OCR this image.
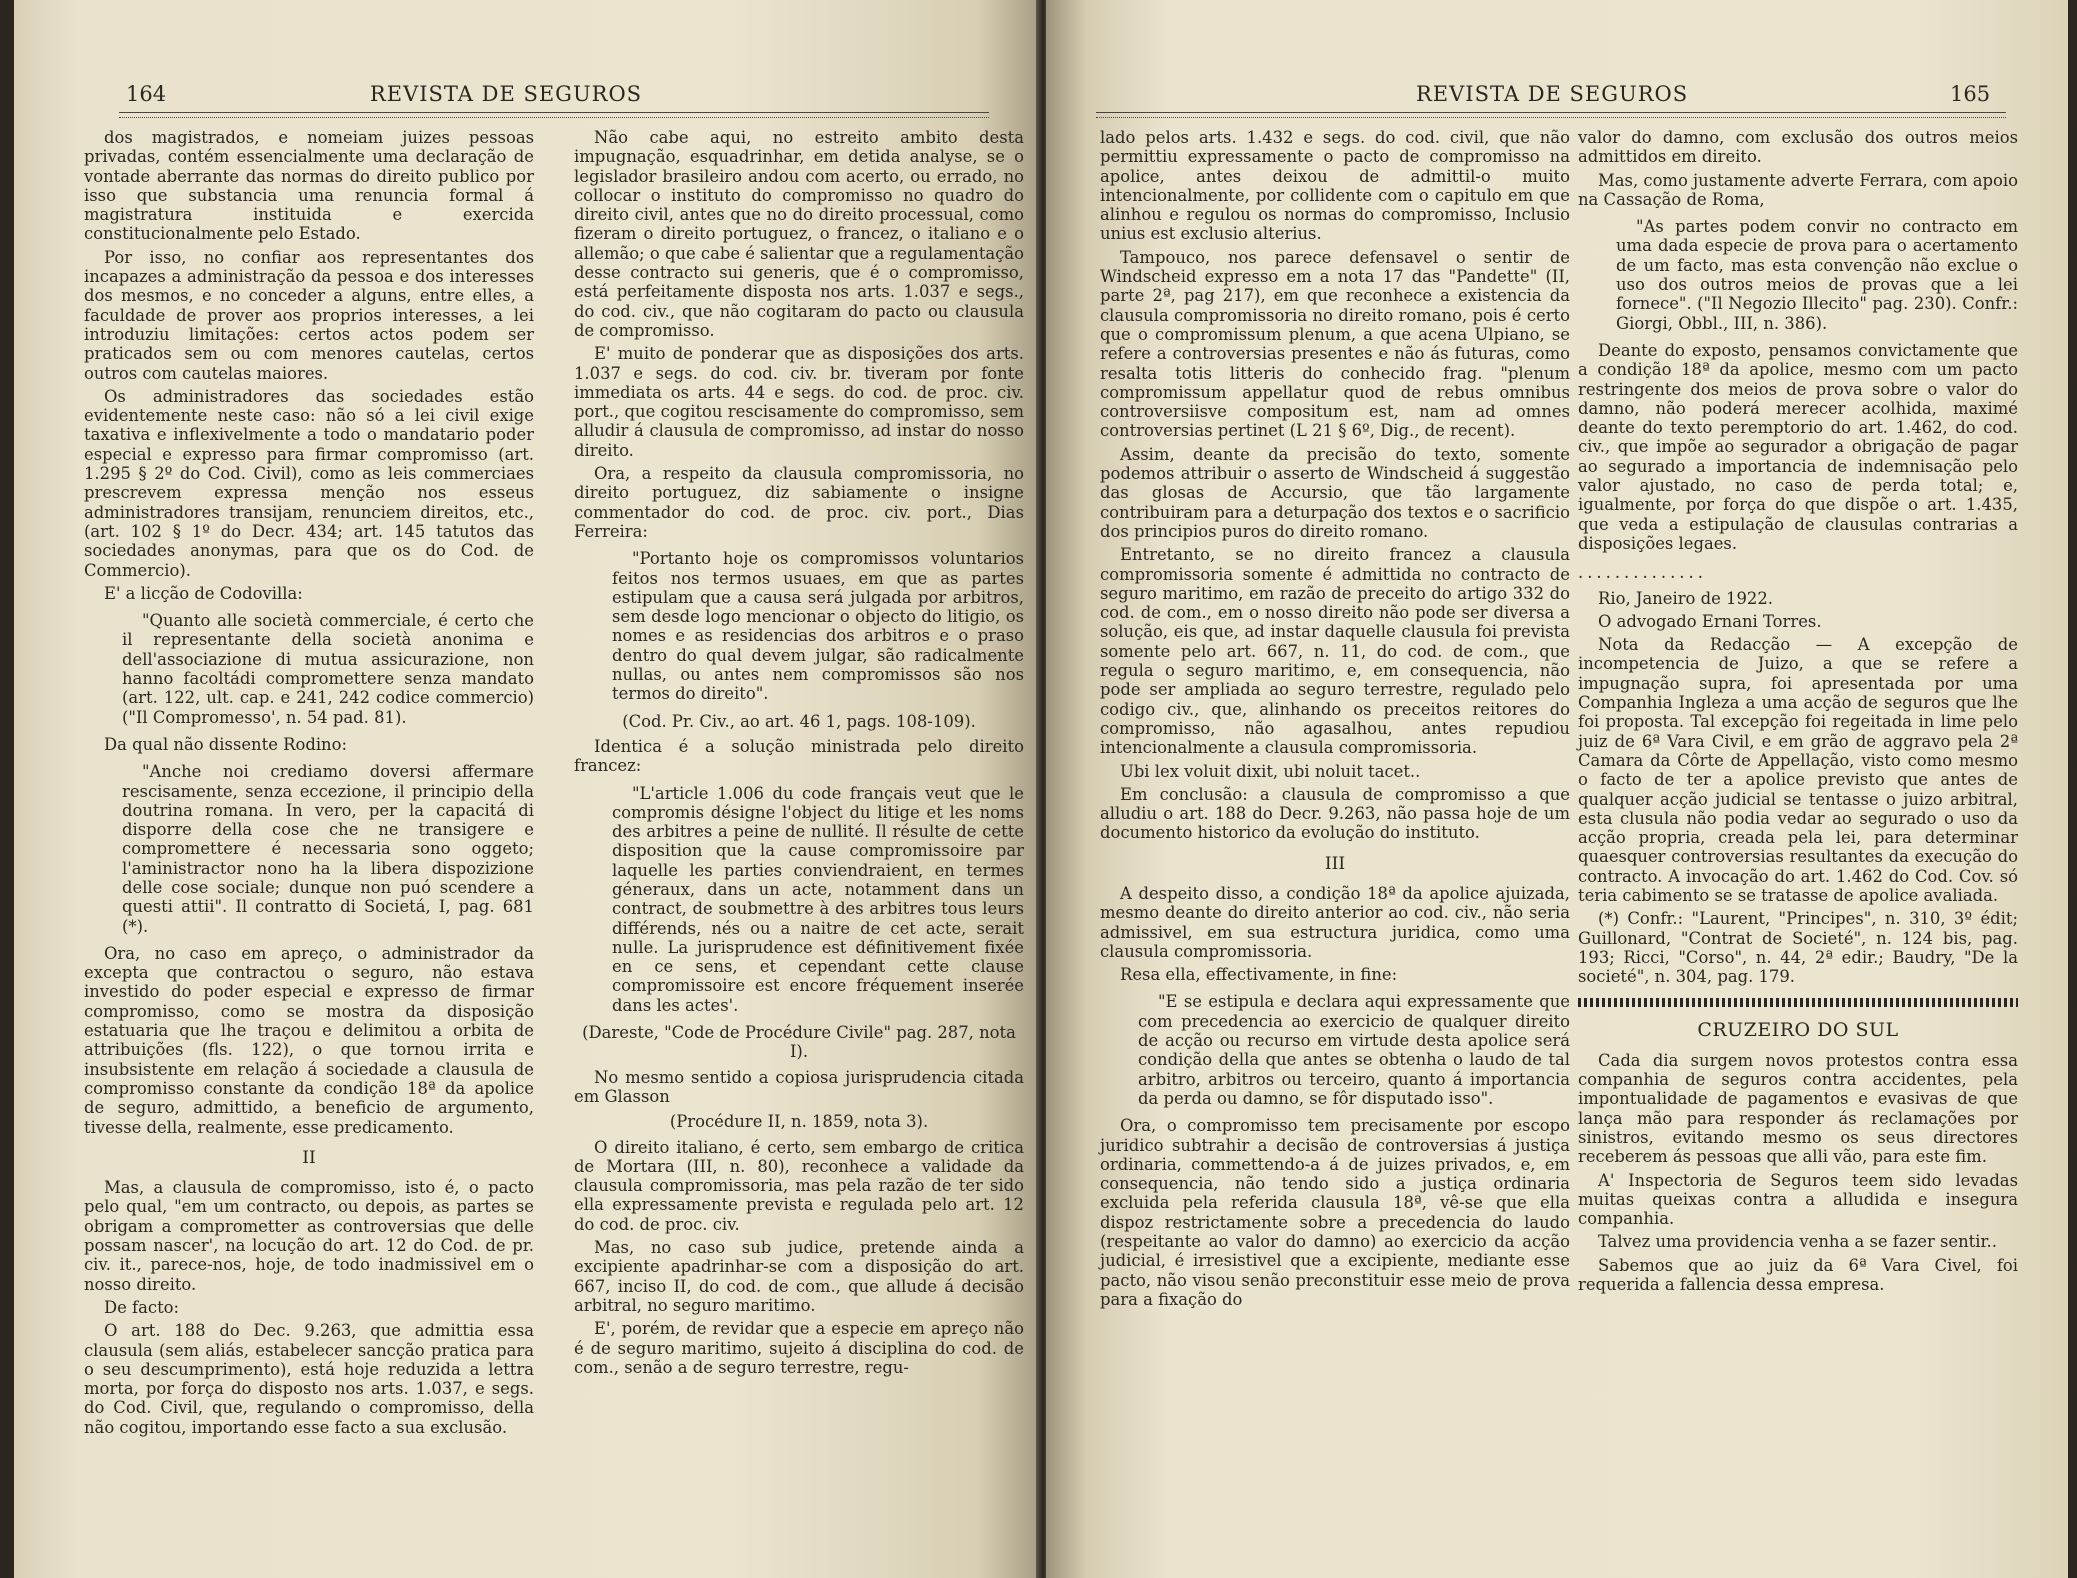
164	REVISTA DE SEGUROS

dos magistrados, e nomeiam juizes pessoas privadas, contém essencialmente uma declaração de vontade aberrante das normas do direito publico por isso que substancia uma renuncia formal á magistratura instituida e exercida constitucionalmente pelo Estado.

Por isso, no confiar aos representantes dos incapazes a administração da pessoa e dos interesses dos mesmos, e no conceder a alguns, entre elles, a faculdade de prover aos proprios interesses, a lei introduziu limitações: certos actos podem ser praticados sem ou com menores cautelas, certos outros com cautelas maiores.

Os administradores das sociedades estão evidentemente neste caso: não só a lei civil exige taxativa e inflexivelmente a todo o mandatario poder especial e expresso para firmar compromisso (art. 1.295 § 2º do Cod. Civil), como as leis commerciaes prescrevem expressa menção nos esseus administradores transijam, renunciem direitos, etc., (art. 102 § 1º do Decr. 434; art. 145 tatutos das sociedades anonymas, para que os do Cod. de Commercio).

E' a licção de Codovilla:

"Quanto alle società commerciale, é certo che il representante della società anonima e dell'associazione di mutua assicurazione, non hanno facoltádi compromettere senza mandato (art. 122, ult. cap. e 241, 242 codice commercio) ("Il Compromesso', n. 54 pad. 81).

Da qual não dissente Rodino:

"Anche noi crediamo doversi affermare rescisamente, senza eccezione, il principio della doutrina romana. In vero, per la capacitá di disporre della cose che ne transigere e compromettere é necessaria sono oggeto; l'aministractor nono ha la libera dispozizione delle cose sociale; dunque non puó scendere a questi attii". Il contratto di Societá, I, pag. 681 (*).

Ora, no caso em apreço, o administrador da excepta que contractou o seguro, não estava investido do poder especial e expresso de firmar compromisso, como se mostra da disposição estatuaria que lhe traçou e delimitou a orbita de attribuições (fls. 122), o que tornou irrita e insubsistente em relação á sociedade a clausula de compromisso constante da condição 18ª da apolice de seguro, admittido, a beneficio de argumento, tivesse della, realmente, esse predicamento.

II

Mas, a clausula de compromisso, isto é, o pacto pelo qual, "em um contracto, ou depois, as partes se obrigam a comprometter as controversias que delle possam nascer', na locução do art. 12 do Cod. de pr. civ. it., parece-nos, hoje, de todo inadmissivel em o nosso direito.

De facto:

O art. 188 do Dec. 9.263, que admittia essa clausula (sem aliás, estabelecer sancção pratica para o seu descumprimento), está hoje reduzida a lettra morta, por força do disposto nos arts. 1.037, e segs. do Cod. Civil, que, regulando o compromisso, della não cogitou, importando esse facto a sua exclusão.

Não cabe aqui, no estreito ambito desta impugnação, esquadrinhar, em detida analyse, se o legislador brasileiro andou com acerto, ou errado, no collocar o instituto do compromisso no quadro do direito civil, antes que no do direito processual, como fizeram o direito portuguez, o francez, o italiano e o allemão; o que cabe é salientar que a regulamentação desse contracto sui generis, que é o compromisso, está perfeitamente disposta nos arts. 1.037 e segs., do cod. civ., que não cogitaram do pacto ou clausula de compromisso.

E' muito de ponderar que as disposições dos arts. 1.037 e segs. do cod. civ. br. tiveram por fonte immediata os arts. 44 e segs. do cod. de proc. civ. port., que cogitou rescisamente do compromisso, sem alludir á clausula de compromisso, ad instar do nosso direito.

Ora, a respeito da clausula compromissoria, no direito portuguez, diz sabiamente o insigne commentador do cod. de proc. civ. port., Dias Ferreira:

"Portanto hoje os compromissos voluntarios feitos nos termos usuaes, em que as partes estipulam que a causa será julgada por arbitros, sem desde logo mencionar o objecto do litigio, os nomes e as residencias dos arbitros e o praso dentro do qual devem julgar, são radicalmente nullas, ou antes nem compromissos são nos termos do direito".

(Cod. Pr. Civ., ao art. 46 1, pags. 108-109).

Identica é a solução ministrada pelo direito francez:

"L'article 1.006 du code français veut que le compromis désigne l'object du litige et les noms des arbitres a peine de nullité. Il résulte de cette disposition que la cause compromissoire par laquelle les parties conviendraient, en termes géneraux, dans un acte, notamment dans un contract, de soubmettre à des arbitres tous leurs différends, nés ou a naitre de cet acte, serait nulle. La jurisprudence est définitivement fixée en ce sens, et cependant cette clause compromissoire est encore fréquement inserée dans les actes'.

(Dareste, "Code de Procédure Civile" pag. 287, nota I).

No mesmo sentido a copiosa jurisprudencia citada em Glasson

(Procédure II, n. 1859, nota 3).

O direito italiano, é certo, sem embargo de critica de Mortara (III, n. 80), reconhece a validade da clausula compromissoria, mas pela razão de ter sido ella expressamente prevista e regulada pelo art. 12 do cod. de proc. civ.

Mas, no caso sub judice, pretende ainda a excipiente apadrinhar-se com a disposição do art. 667, inciso II, do cod. de com., que allude á decisão arbitral, no seguro maritimo.

E', porém, de revidar que a especie em apreço não é de seguro maritimo, sujeito á disciplina do cod. de com., senão a de seguro terrestre, regu-

165
REVISTA DE SEGUROS

lado pelos arts. 1.432 e segs. do cod. civil, que não permittiu expressamente o pacto de compromisso na apolice, antes deixou de admittil-o muito intencionalmente, por collidente com o capitulo em que alinhou e regulou os normas do compromisso, Inclusio unius est exclusio alterius.

Tampouco, nos parece defensavel o sentir de Windscheid expresso em a nota 17 das "Pandette" (II, parte 2ª, pag 217), em que reconhece a existencia da clausula compromissoria no direito romano, pois é certo que o compromissum plenum, a que acena Ulpiano, se refere a controversias presentes e não ás futuras, como resalta totis litteris do conhecido frag. "plenum compromissum appellatur quod de rebus omnibus controversiisve compositum est, nam ad omnes controversias pertinet (L 21 § 6º, Dig., de recent).

Assim, deante da precisão do texto, somente podemos attribuir o asserto de Windscheid á suggestão das glosas de Accursio, que tão largamente contribuiram para a deturpação dos textos e o sacrificio dos principios puros do direito romano.

Entretanto, se no direito francez a clausula compromissoria somente é admittida no contracto de seguro maritimo, em razão de preceito do artigo 332 do cod. de com., em o nosso direito não pode ser diversa a solução, eis que, ad instar daquelle clausula foi prevista somente pelo art. 667, n. 11, do cod. de com., que regula o seguro maritimo, e, em consequencia, não pode ser ampliada ao seguro terrestre, regulado pelo codigo civ., que, alinhando os preceitos reitores do compromisso, não agasalhou, antes repudiou intencionalmente a clausula compromissoria.

Ubi lex voluit dixit, ubi noluit tacet..

Em conclusão: a clausula de compromisso a que alludiu o art. 188 do Decr. 9.263, não passa hoje de um documento historico da evolução do instituto.

III

A despeito disso, a condição 18ª da apolice ajuizada, mesmo deante do direito anterior ao cod. civ., não seria admissivel, em sua estructura juridica, como uma clausula compromissoria.

Resa ella, effectivamente, in fine:

"E se estipula e declara aqui expressamente que com precedencia ao exercicio de qualquer direito de acção ou recurso em virtude desta apolice será condição della que antes se obtenha o laudo de tal arbitro, arbitros ou terceiro, quanto á importancia da perda ou damno, se fôr disputado isso".

Ora, o compromisso tem precisamente por escopo juridico subtrahir a decisão de controversias á justiça ordinaria, commettendo-a á de juizes privados, e, em consequencia, não tendo sido a justiça ordinaria excluida pela referida clausula 18ª, vê-se que ella dispoz restrictamente sobre a precedencia do laudo (respeitante ao valor do damno) ao exercicio da acção judicial, é irresistivel que a excipiente, mediante esse pacto, não visou senão preconstituir esse meio de prova para a fixação do

valor do damno, com exclusão dos outros meios admittidos em direito.

Mas, como justamente adverte Ferrara, com apoio na Cassação de Roma,

"As partes podem convir no contracto em uma dada especie de prova para o acertamento de um facto, mas esta convenção não exclue o uso dos outros meios de provas que a lei fornece". ("Il Negozio Illecito" pag. 230). Confr.: Giorgi, Obbl., III, n. 386).

Deante do exposto, pensamos convictamente que a condição 18ª da apolice, mesmo com um pacto restringente dos meios de prova sobre o valor do damno, não poderá merecer acolhida, maximé deante do texto peremptorio do art. 1.462, do cod. civ., que impõe ao segurador a obrigação de pagar ao segurado a importancia de indemnisação pelo valor ajustado, no caso de perda total; e, igualmente, por força do que dispõe o art. 1.435, que veda a estipulação de clausulas contrarias a disposições legaes.

..............

Rio, Janeiro de 1922.

O advogado Ernani Torres.

Nota da Redacção — A excepção de incompetencia de Juizo, a que se refere a impugnação supra, foi apresentada por uma Companhia Ingleza a uma acção de seguros que lhe foi proposta. Tal excepção foi regeitada in lime pelo juiz de 6ª Vara Civil, e em grão de aggravo pela 2ª Camara da Côrte de Appellação, visto como mesmo o facto de ter a apolice previsto que antes de qualquer acção judicial se tentasse o juizo arbitral, esta clusula não podia vedar ao segurado o uso da acção propria, creada pela lei, para determinar quaesquer controversias resultantes da execução do contracto. A invocação do art. 1.462 do Cod. Cov. só teria cabimento se se tratasse de apolice avaliada.

(*) Confr.: "Laurent, "Principes", n. 310, 3º édit; Guillonard, "Contrat de Societé", n. 124 bis, pag. 193; Ricci, "Corso", n. 44, 2ª edir.; Baudry, "De la societé", n. 304, pag. 179.

CRUZEIRO DO SUL

Cada dia surgem novos protestos contra essa companhia de seguros contra accidentes, pela impontualidade de pagamentos e evasivas de que lança mão para responder ás reclamações por sinistros, evitando mesmo os seus directores receberem ás pessoas que alli vão, para este fim.

A' Inspectoria de Seguros teem sido levadas muitas queixas contra a alludida e insegura companhia.

Talvez uma providencia venha a se fazer sentir..

Sabemos que ao juiz da 6ª Vara Civel, foi requerida a fallencia dessa empresa.
